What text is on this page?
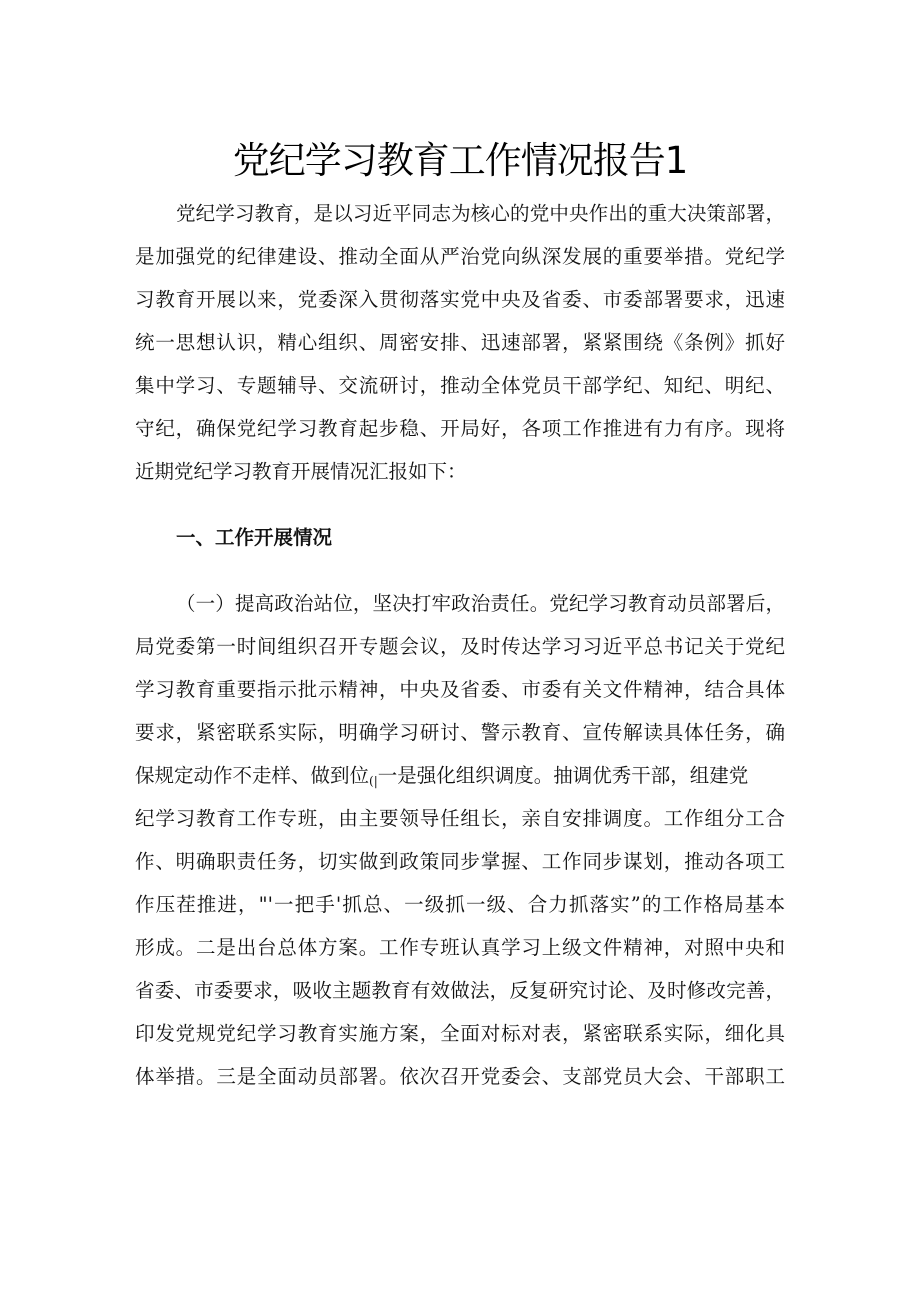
党纪学习教育工作情况报告1
党纪学习教育，是以习近平同志为核心的党中央作出的重大决策部署，
是加强党的纪律建设、推动全面从严治党向纵深发展的重要举措。党纪学
习教育开展以来，党委深入贯彻落实党中央及省委、市委部署要求，迅速
统一思想认识，精心组织、周密安排、迅速部署，紧紧围绕《条例》抓好
集中学习、专题辅导、交流研讨，推动全体党员干部学纪、知纪、明纪、
守纪，确保党纪学习教育起步稳、开局好，各项工作推进有力有序。现将
近期党纪学习教育开展情况汇报如下：
一、工作开展情况
（一）提高政治站位，坚决打牢政治责任。党纪学习教育动员部署后，
局党委第一时间组织召开专题会议，及时传达学习习近平总书记关于党纪
学习教育重要指示批示精神，中央及省委、市委有关文件精神，结合具体
要求，紧密联系实际，明确学习研讨、警示教育、宣传解读具体任务，确
保规定动作不走样、做到位(|一是强化组织调度。抽调优秀干部，组建党
纪学习教育工作专班，由主要领导任组长，亲自安排调度。工作组分工合
作、明确职责任务，切实做到政策同步掌握、工作同步谋划，推动各项工
作压茬推进，"'一把手'抓总、一级抓一级、合力抓落实”的工作格局基本
形成。二是出台总体方案。工作专班认真学习上级文件精神，对照中央和
省委、市委要求，吸收主题教育有效做法，反复研究讨论、及时修改完善，
印发党规党纪学习教育实施方案，全面对标对表，紧密联系实际，细化具
体举措。三是全面动员部署。依次召开党委会、支部党员大会、干部职工
